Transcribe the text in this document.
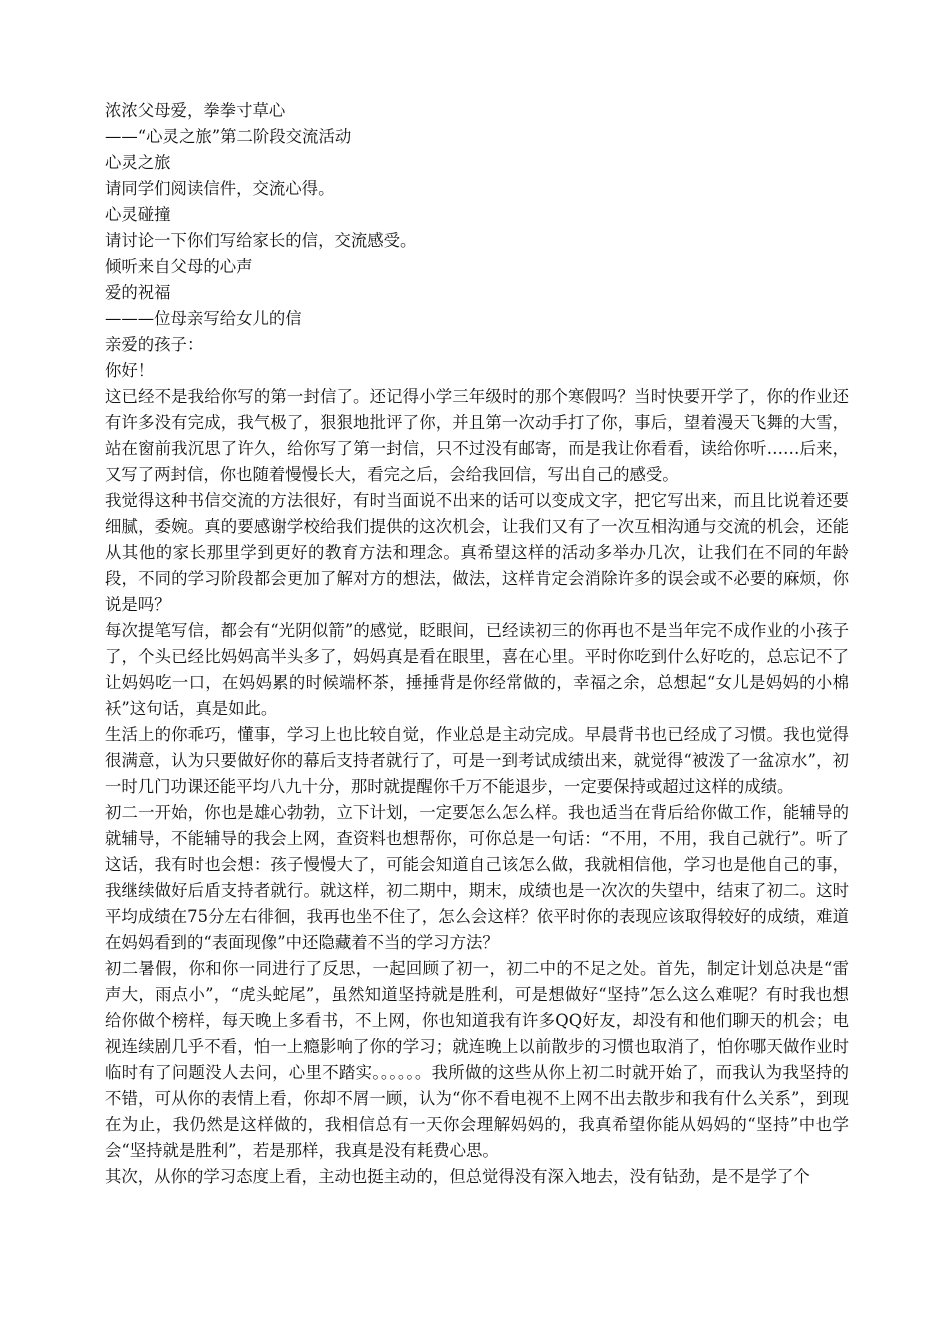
浓浓父母爱，拳拳寸草心

——“心灵之旅”第二阶段交流活动

心灵之旅

请同学们阅读信件，交流心得。

心灵碰撞

请讨论一下你们写给家长的信，交流感受。

倾听来自父母的心声

爱的祝福

———位母亲写给女儿的信

亲爱的孩子：

你好！

这已经不是我给你写的第一封信了。还记得小学三年级时的那个寒假吗？当时快要开学了，你的作业还有许多没有完成，我气极了，狠狠地批评了你，并且第一次动手打了你，事后，望着漫天飞舞的大雪，站在窗前我沉思了许久，给你写了第一封信，只不过没有邮寄，而是我让你看看，读给你听……后来，又写了两封信，你也随着慢慢长大，看完之后，会给我回信，写出自己的感受。

我觉得这种书信交流的方法很好，有时当面说不出来的话可以变成文字，把它写出来，而且比说着还要细腻，委婉。真的要感谢学校给我们提供的这次机会，让我们又有了一次互相沟通与交流的机会，还能从其他的家长那里学到更好的教育方法和理念。真希望这样的活动多举办几次，让我们在不同的年龄段，不同的学习阶段都会更加了解对方的想法，做法，这样肯定会消除许多的误会或不必要的麻烦，你说是吗？

每次提笔写信，都会有“光阴似箭”的感觉，眨眼间，已经读初三的你再也不是当年完不成作业的小孩子了，个头已经比妈妈高半头多了，妈妈真是看在眼里，喜在心里。平时你吃到什么好吃的，总忘记不了让妈妈吃一口，在妈妈累的时候端杯茶，捶捶背是你经常做的，幸福之余，总想起“女儿是妈妈的小棉袄”这句话，真是如此。

生活上的你乖巧，懂事，学习上也比较自觉，作业总是主动完成。早晨背书也已经成了习惯。我也觉得很满意，认为只要做好你的幕后支持者就行了，可是一到考试成绩出来，就觉得“被泼了一盆凉水”，初一时几门功课还能平均八九十分，那时就提醒你千万不能退步，一定要保持或超过这样的成绩。

初二一开始，你也是雄心勃勃，立下计划，一定要怎么怎么样。我也适当在背后给你做工作，能辅导的就辅导，不能辅导的我会上网，查资料也想帮你，可你总是一句话：“不用，不用，我自己就行”。听了这话，我有时也会想：孩子慢慢大了，可能会知道自己该怎么做，我就相信他，学习也是他自己的事，我继续做好后盾支持者就行。就这样，初二期中，期末，成绩也是一次次的失望中，结束了初二。这时平均成绩在75分左右徘徊，我再也坐不住了，怎么会这样？依平时你的表现应该取得较好的成绩，难道在妈妈看到的“表面现像”中还隐藏着不当的学习方法？

初二暑假，你和你一同进行了反思，一起回顾了初一，初二中的不足之处。首先，制定计划总决是“雷声大，雨点小”，“虎头蛇尾”，虽然知道坚持就是胜利，可是想做好“坚持”怎么这么难呢？有时我也想给你做个榜样，每天晚上多看书，不上网，你也知道我有许多QQ好友，却没有和他们聊天的机会；电视连续剧几乎不看，怕一上瘾影响了你的学习；就连晚上以前散步的习惯也取消了，怕你哪天做作业时临时有了问题没人去问，心里不踏实。。。。。。我所做的这些从你上初二时就开始了，而我认为我坚持的不错，可从你的表情上看，你却不屑一顾，认为“你不看电视不上网不出去散步和我有什么关系”，到现在为止，我仍然是这样做的，我相信总有一天你会理解妈妈的，我真希望你能从妈妈的“坚持”中也学会“坚持就是胜利”，若是那样，我真是没有耗费心思。

其次，从你的学习态度上看，主动也挺主动的，但总觉得没有深入地去，没有钻劲，是不是学了个
